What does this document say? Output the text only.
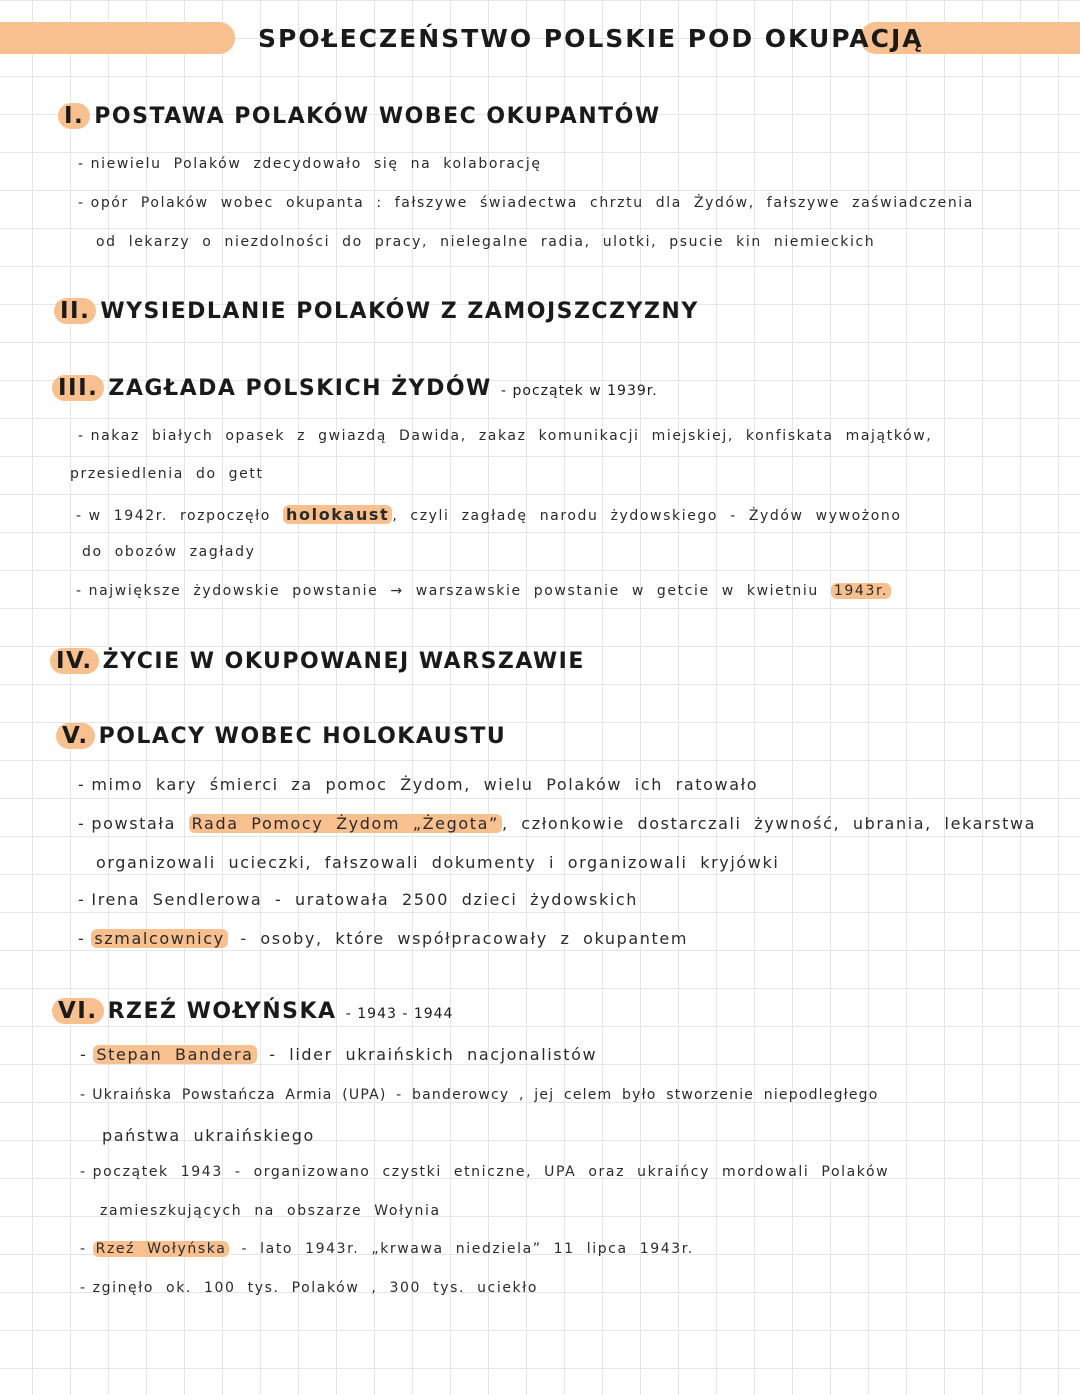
SPOŁECZEŃSTWO POLSKIE POD OKUPACJĄ
I. POSTAWA POLAKÓW WOBEC OKUPANTÓW
- niewielu Polaków zdecydowało się na kolaborację
- opór Polaków wobec okupanta : fałszywe świadectwa chrztu dla Żydów, fałszywe zaświadczenia
od lekarzy o niezdolności do pracy, nielegalne radia, ulotki, psucie kin niemieckich
II. WYSIEDLANIE POLAKÓW Z ZAMOJSZCZYZNY
III. ZAGŁADA POLSKICH ŻYDÓW - początek w 1939r.
- nakaz białych opasek z gwiazdą Dawida, zakaz komunikacji miejskiej, konfiskata majątków,
przesiedlenia do gett
- w 1942r. rozpoczęło holokaust , czyli zagładę narodu żydowskiego - Żydów wywożono
do obozów zagłady
- największe żydowskie powstanie → warszawskie powstanie w getcie w kwietniu 1943r.
IV. ŻYCIE W OKUPOWANEJ WARSZAWIE
V. POLACY WOBEC HOLOKAUSTU
- mimo kary śmierci za pomoc Żydom, wielu Polaków ich ratowało
- powstała Rada Pomocy Żydom „Żegota” , członkowie dostarczali żywność, ubrania, lekarstwa
organizowali ucieczki, fałszowali dokumenty i organizowali kryjówki
- Irena Sendlerowa - uratowała 2500 dzieci żydowskich
- szmalcownicy - osoby, które współpracowały z okupantem
VI. RZEŹ WOŁYŃSKA - 1943 - 1944
- Stepan Bandera - lider ukraińskich nacjonalistów
- Ukraińska Powstańcza Armia (UPA) - banderowcy , jej celem było stworzenie niepodległego
państwa ukraińskiego
- początek 1943 - organizowano czystki etniczne, UPA oraz ukraińcy mordowali Polaków
zamieszkujących na obszarze Wołynia
- Rzeź Wołyńska - lato 1943r. „krwawa niedziela” 11 lipca 1943r.
- zginęło ok. 100 tys. Polaków , 300 tys. uciekło
